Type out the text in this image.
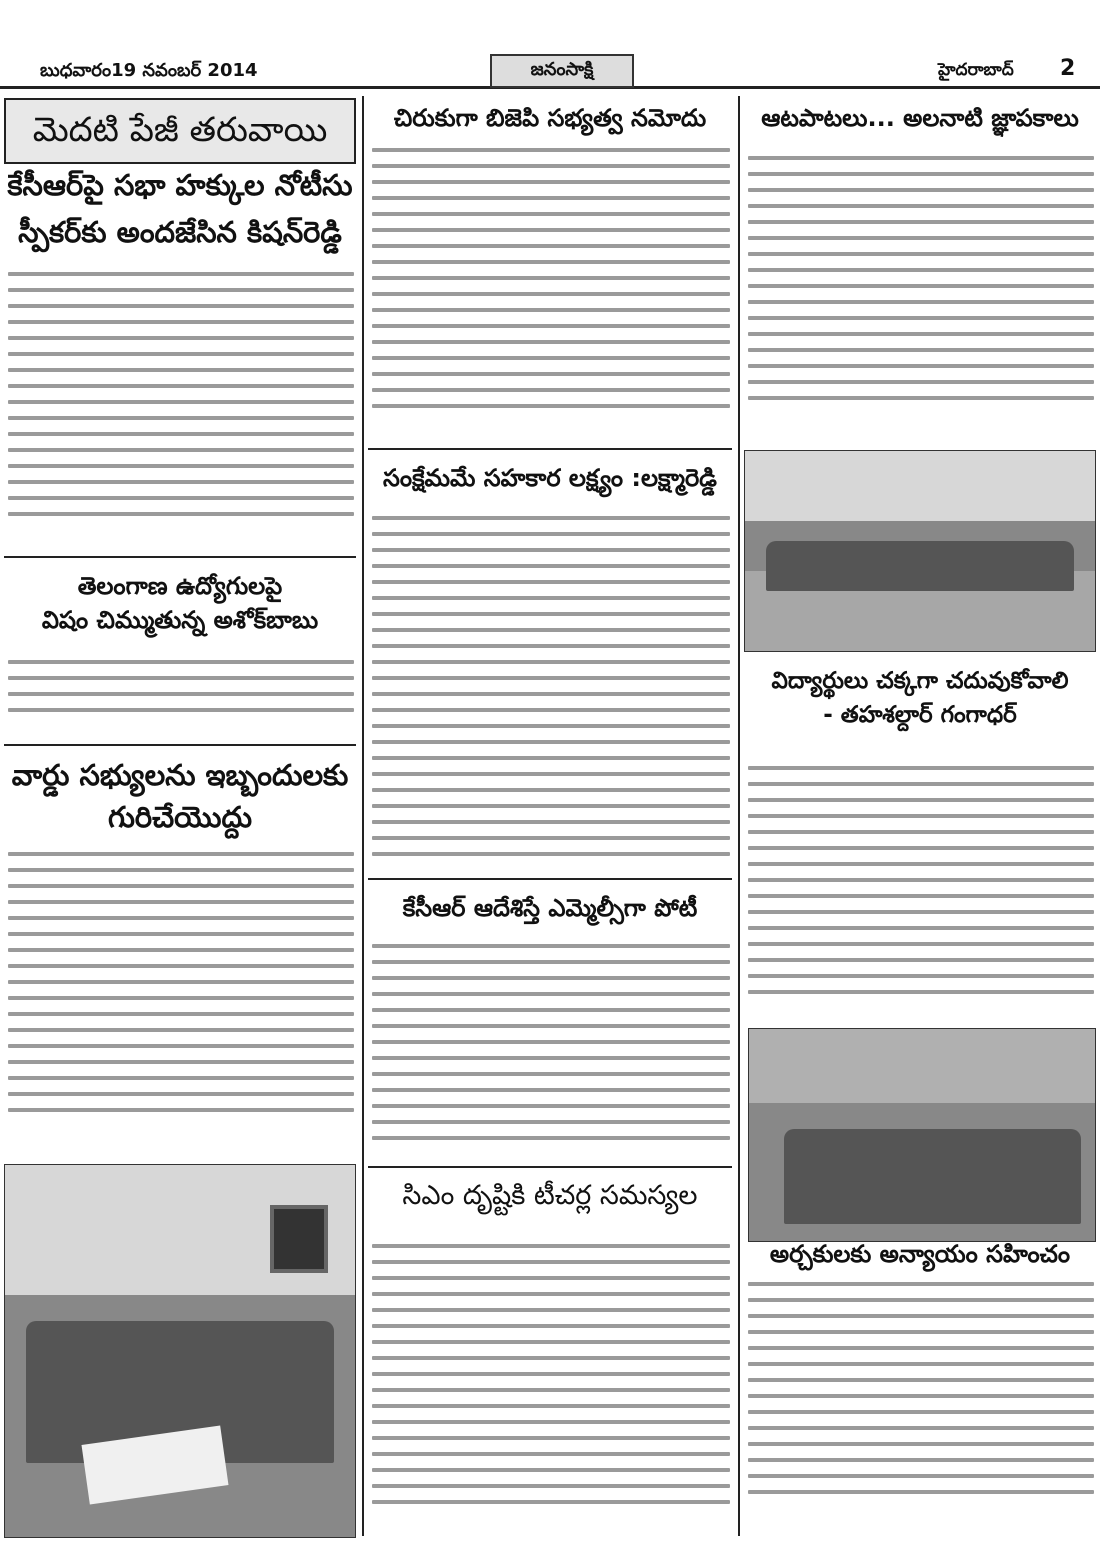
బుధవారం19 నవంబర్ 2014	జనంసాక్షి	హైదరాబాద్ 2
మెదటి పేజీ తరువాయి
కేసీఆర్‌పై సభా హక్కుల నోటీసు
స్పీకర్‌కు అందజేసిన కిషన్‌రెడ్డి
తెలంగాణ ఉద్యోగులపై
విషం చిమ్ముతున్న అశోక్‌బాబు
వార్డు సభ్యులను ఇబ్బందులకు
గురిచేయొద్దు
చిరుకుగా బిజెపి సభ్యత్వ నమోదు
సంక్షేమమే సహకార లక్ష్యం :లక్ష్మారెడ్డి
కేసీఆర్ ఆదేశిస్తే ఎమ్మెల్సీగా పోటీ
సిఎం దృష్టికి టీచర్ల సమస్యల
ఆటపాటలు... అలనాటి జ్ఞాపకాలు
విద్యార్థులు చక్కగా చదువుకోవాలి
- తహశల్దార్ గంగాధర్
అర్చకులకు అన్యాయం సహించం
